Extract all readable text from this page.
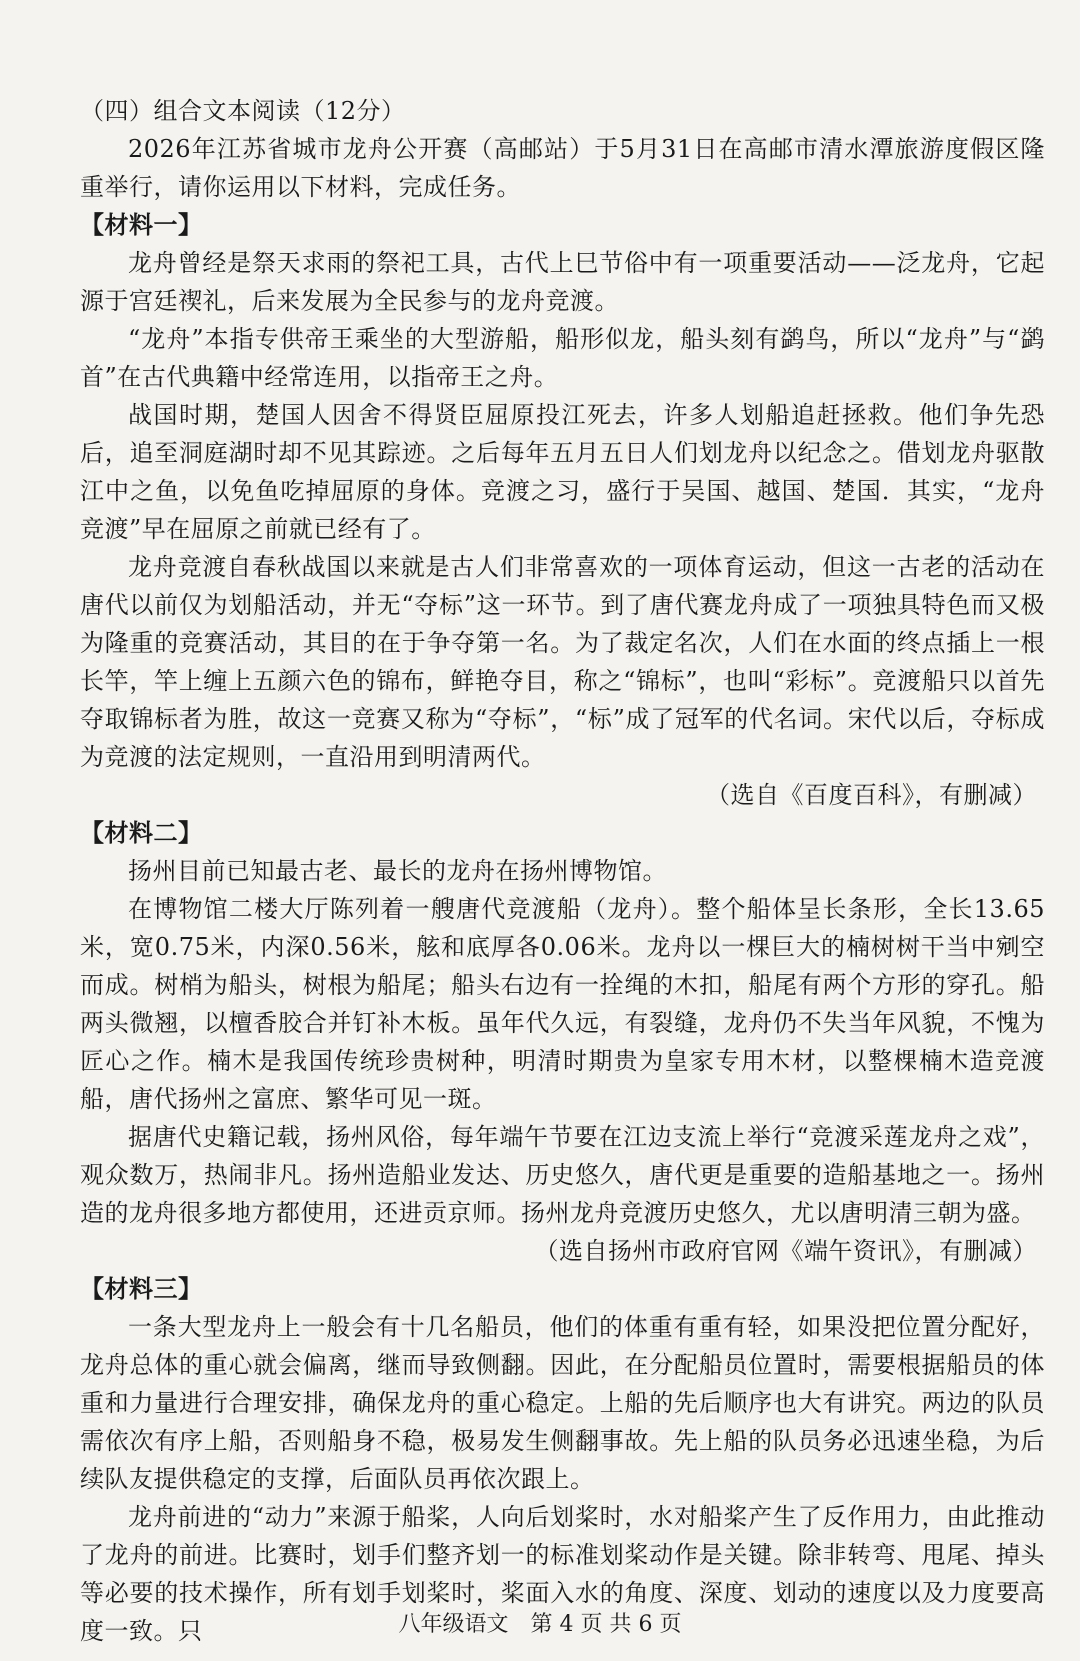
（四）组合文本阅读（12分）

2026年江苏省城市龙舟公开赛（高邮站）于5月31日在高邮市清水潭旅游度假区隆重举行，请你运用以下材料，完成任务。

【材料一】

龙舟曾经是祭天求雨的祭祀工具，古代上巳节俗中有一项重要活动——泛龙舟，它起源于宫廷禊礼，后来发展为全民参与的龙舟竞渡。

“龙舟”本指专供帝王乘坐的大型游船，船形似龙，船头刻有鹢鸟，所以“龙舟”与“鹢首”在古代典籍中经常连用，以指帝王之舟。

战国时期，楚国人因舍不得贤臣屈原投江死去，许多人划船追赶拯救。他们争先恐后，追至洞庭湖时却不见其踪迹。之后每年五月五日人们划龙舟以纪念之。借划龙舟驱散江中之鱼，以免鱼吃掉屈原的身体。竞渡之习，盛行于吴国、越国、楚国．其实，“龙舟竞渡”早在屈原之前就已经有了。

龙舟竞渡自春秋战国以来就是古人们非常喜欢的一项体育运动，但这一古老的活动在唐代以前仅为划船活动，并无“夺标”这一环节。到了唐代赛龙舟成了一项独具特色而又极为隆重的竞赛活动，其目的在于争夺第一名。为了裁定名次，人们在水面的终点插上一根长竿，竿上缠上五颜六色的锦布，鲜艳夺目，称之“锦标”，也叫“彩标”。竞渡船只以首先夺取锦标者为胜，故这一竞赛又称为“夺标”，“标”成了冠军的代名词。宋代以后，夺标成为竞渡的法定规则，一直沿用到明清两代。

（选自《百度百科》，有删减）

【材料二】

扬州目前已知最古老、最长的龙舟在扬州博物馆。

在博物馆二楼大厅陈列着一艘唐代竞渡船（龙舟）。整个船体呈长条形，全长13.65米，宽0.75米，内深0.56米，舷和底厚各0.06米。龙舟以一棵巨大的楠树树干当中剜空而成。树梢为船头，树根为船尾；船头右边有一拴绳的木扣，船尾有两个方形的穿孔。船两头微翘，以檀香胶合并钉补木板。虽年代久远，有裂缝，龙舟仍不失当年风貌，不愧为匠心之作。楠木是我国传统珍贵树种，明清时期贵为皇家专用木材，以整棵楠木造竞渡船，唐代扬州之富庶、繁华可见一斑。

据唐代史籍记载，扬州风俗，每年端午节要在江边支流上举行“竞渡采莲龙舟之戏”，观众数万，热闹非凡。扬州造船业发达、历史悠久，唐代更是重要的造船基地之一。扬州造的龙舟很多地方都使用，还进贡京师。扬州龙舟竞渡历史悠久，尤以唐明清三朝为盛。

（选自扬州市政府官网《端午资讯》，有删减）

【材料三】

一条大型龙舟上一般会有十几名船员，他们的体重有重有轻，如果没把位置分配好，龙舟总体的重心就会偏离，继而导致侧翻。因此，在分配船员位置时，需要根据船员的体重和力量进行合理安排，确保龙舟的重心稳定。上船的先后顺序也大有讲究。两边的队员需依次有序上船，否则船身不稳，极易发生侧翻事故。先上船的队员务必迅速坐稳，为后续队友提供稳定的支撑，后面队员再依次跟上。

龙舟前进的“动力”来源于船桨，人向后划桨时，水对船桨产生了反作用力，由此推动了龙舟的前进。比赛时，划手们整齐划一的标准划桨动作是关键。除非转弯、甩尾、掉头等必要的技术操作，所有划手划桨时，桨面入水的角度、深度、划动的速度以及力度要高度一致。只	八年级语文　第 4 页 共 6 页
